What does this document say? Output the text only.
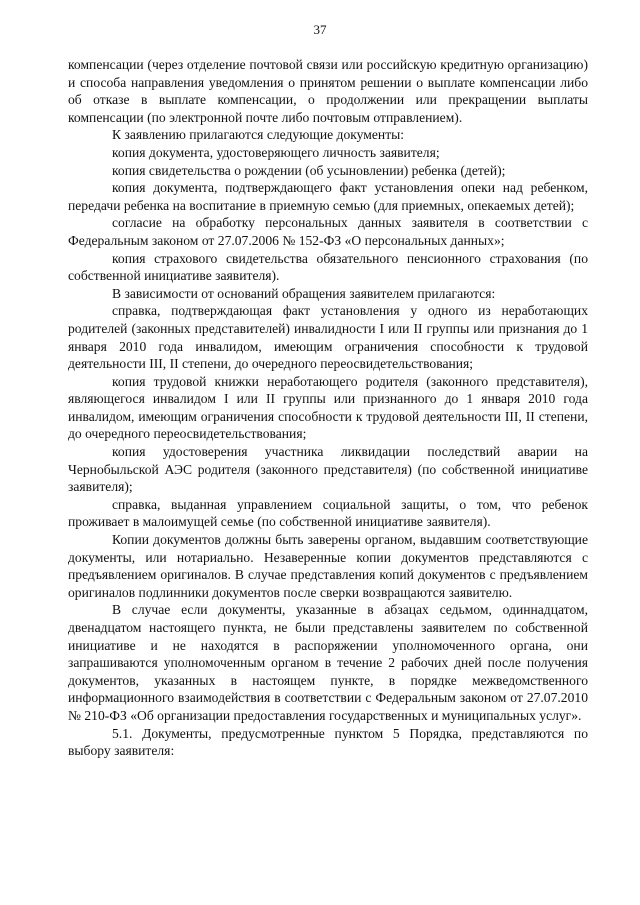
37

компенсации (через отделение почтовой связи или российскую кредитную организацию) и способа направления уведомления о принятом решении о выплате компенсации либо об отказе в выплате компенсации, о продолжении или прекращении выплаты компенсации (по электронной почте либо почтовым отправлением).

К заявлению прилагаются следующие документы:

копия документа, удостоверяющего личность заявителя;

копия свидетельства о рождении (об усыновлении) ребенка (детей);

копия документа, подтверждающего факт установления опеки над ребенком, передачи ребенка на воспитание в приемную семью (для приемных, опекаемых детей);

согласие на обработку персональных данных заявителя в соответствии с Федеральным законом от 27.07.2006 № 152-ФЗ «О персональных данных»;

копия страхового свидетельства обязательного пенсионного страхования (по собственной инициативе заявителя).

В зависимости от оснований обращения заявителем прилагаются:

справка, подтверждающая факт установления у одного из неработающих родителей (законных представителей) инвалидности I или II группы или признания до 1 января 2010 года инвалидом, имеющим ограничения способности к трудовой деятельности III, II степени, до очередного переосвидетельствования;

копия трудовой книжки неработающего родителя (законного представителя), являющегося инвалидом I или II группы или признанного до 1 января 2010 года инвалидом, имеющим ограничения способности к трудовой деятельности III, II степени, до очередного переосвидетельствования;

копия удостоверения участника ликвидации последствий аварии на Чернобыльской АЭС родителя (законного представителя) (по собственной инициативе заявителя);

справка, выданная управлением социальной защиты, о том, что ребенок проживает в малоимущей семье (по собственной инициативе заявителя).

Копии документов должны быть заверены органом, выдавшим соответствующие документы, или нотариально. Незаверенные копии документов представляются с предъявлением оригиналов. В случае представления копий документов с предъявлением оригиналов подлинники документов после сверки возвращаются заявителю.

В случае если документы, указанные в абзацах седьмом, одиннадцатом, двенадцатом настоящего пункта, не были представлены заявителем по собственной инициативе и не находятся в распоряжении уполномоченного органа, они запрашиваются уполномоченным органом в течение 2 рабочих дней после получения документов, указанных в настоящем пункте, в порядке межведомственного информационного взаимодействия в соответствии с Федеральным законом от 27.07.2010 № 210-ФЗ «Об организации предоставления государственных и муниципальных услуг».

5.1. Документы, предусмотренные пунктом 5 Порядка, представляются по выбору заявителя:
